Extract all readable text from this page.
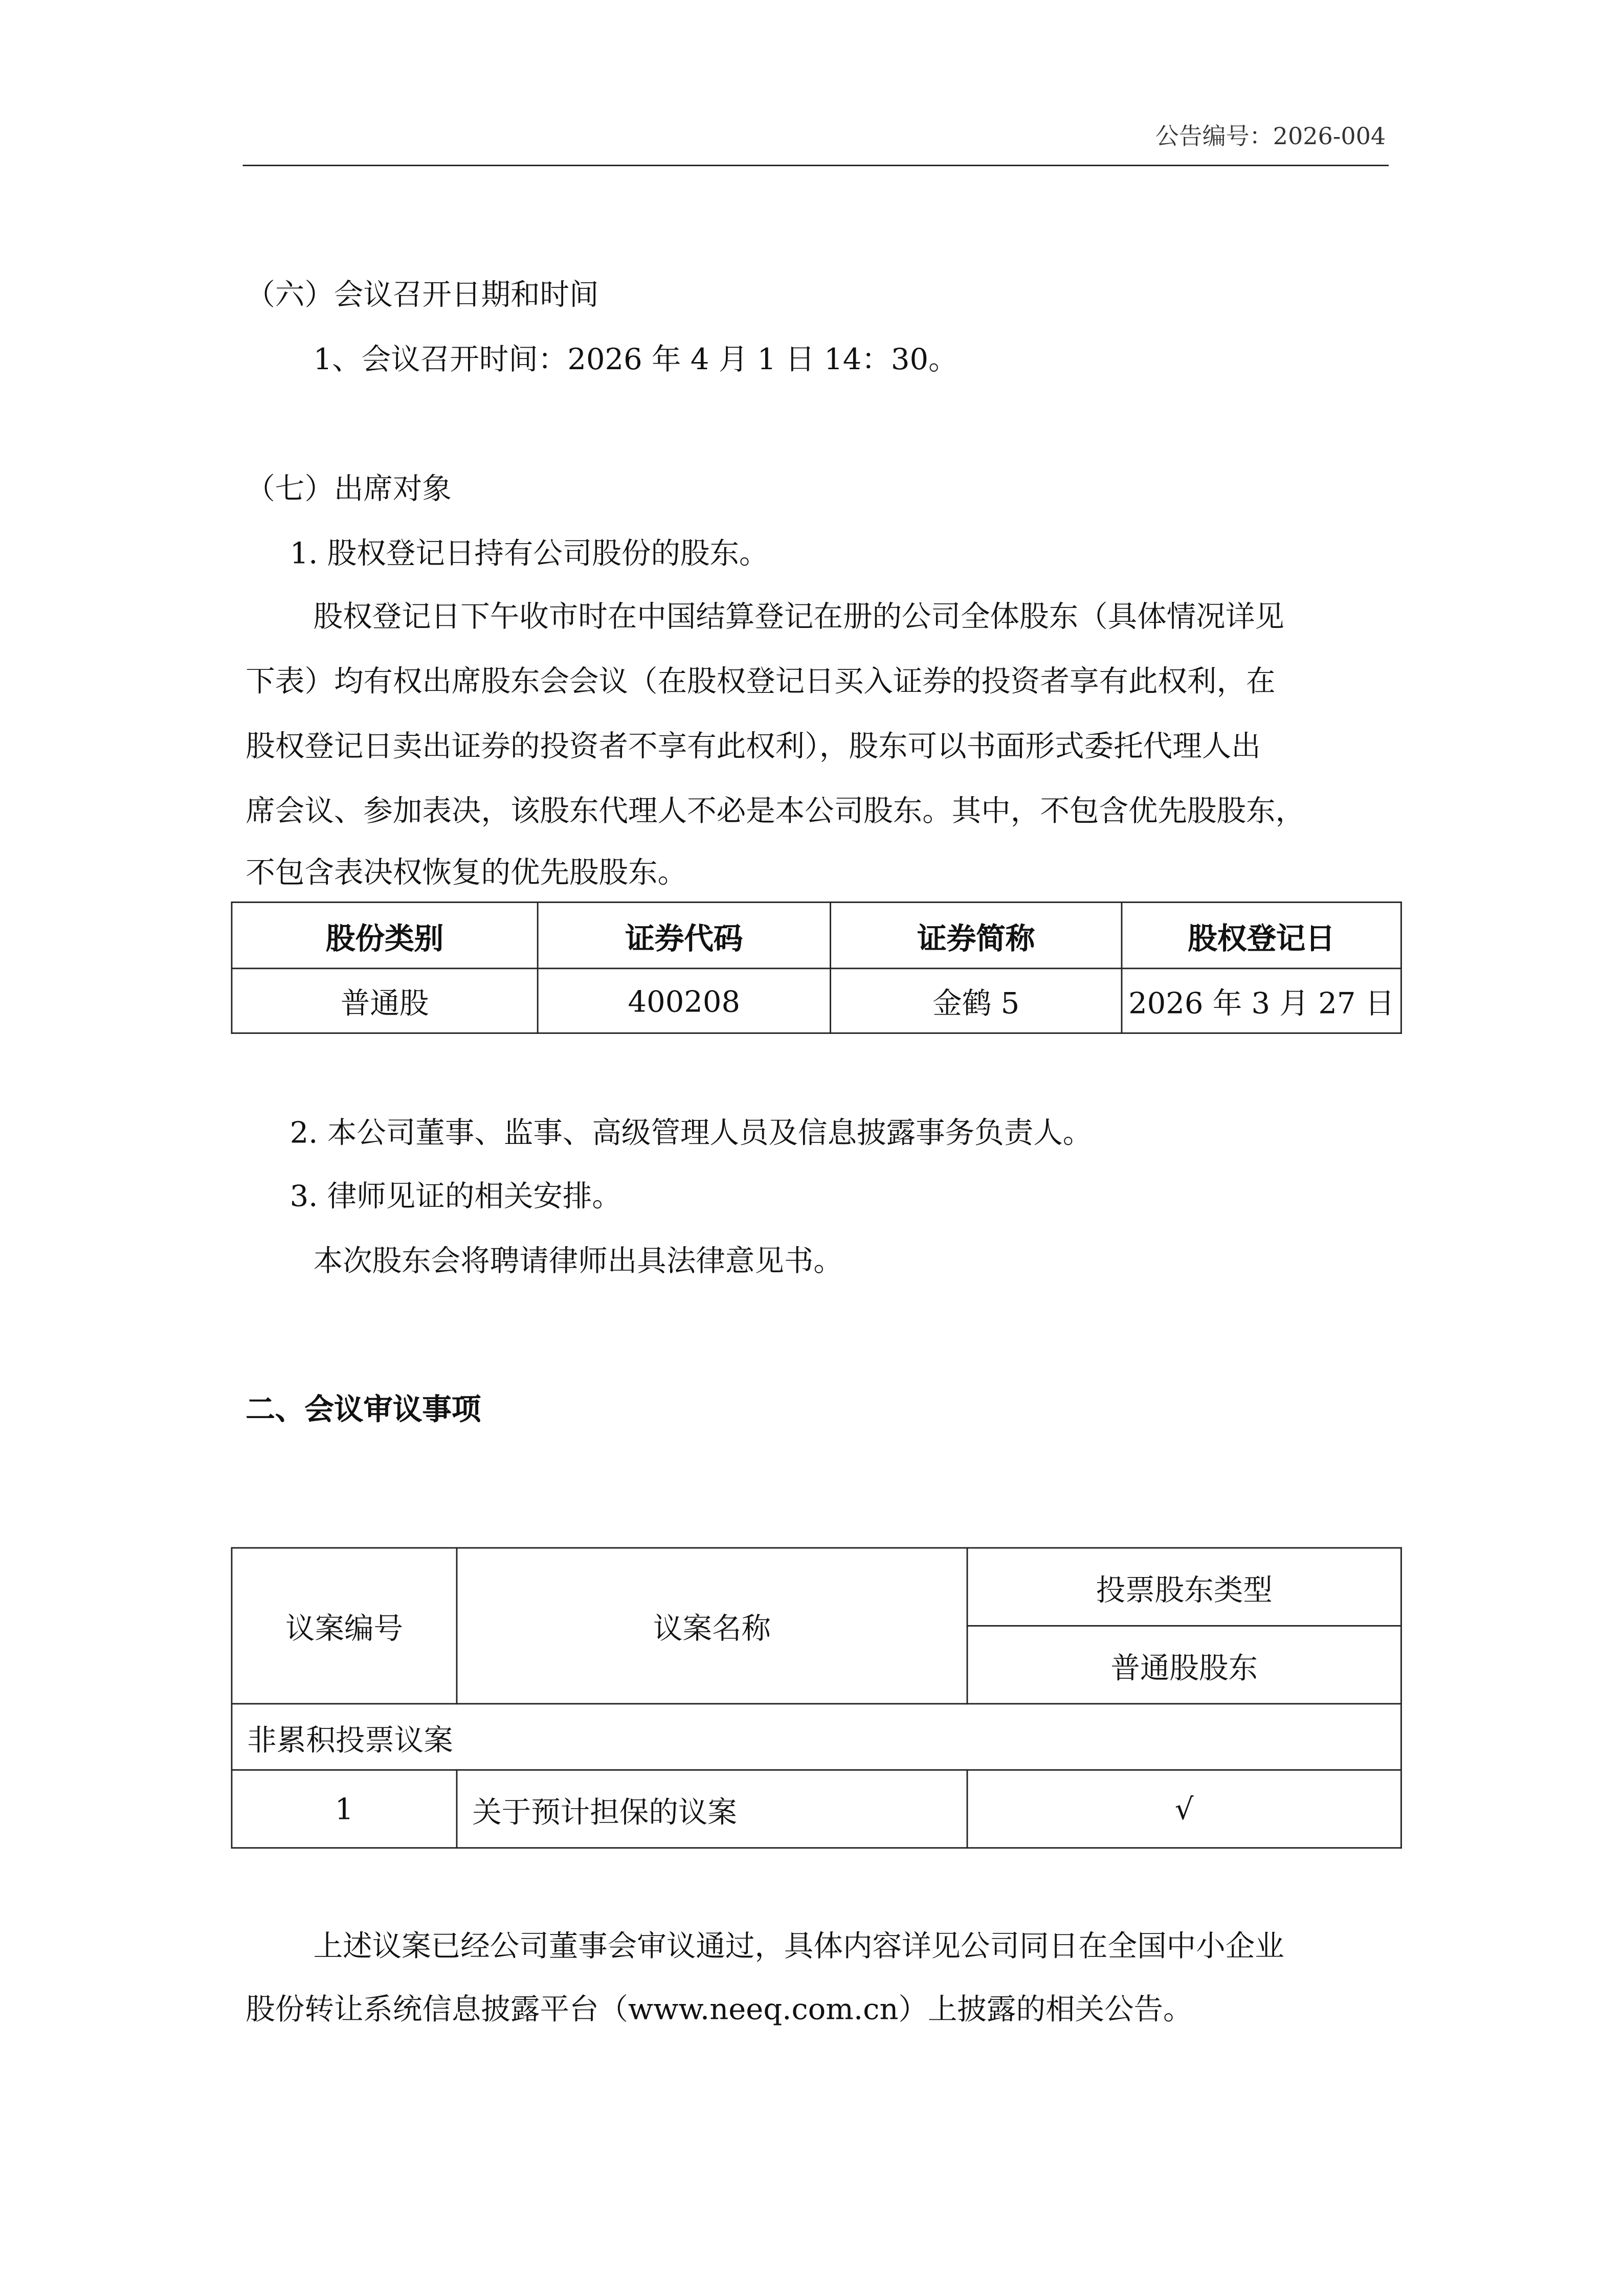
公告编号：2026-004
（六）会议召开日期和时间
1、会议召开时间：2026 年 4 月 1 日 14：30。
（七）出席对象
1. 股权登记日持有公司股份的股东。
股权登记日下午收市时在中国结算登记在册的公司全体股东（具体情况详见
下表）均有权出席股东会会议（在股权登记日买入证券的投资者享有此权利，在
股权登记日卖出证券的投资者不享有此权利），股东可以书面形式委托代理人出
席会议、参加表决，该股东代理人不必是本公司股东。其中，不包含优先股股东，
不包含表决权恢复的优先股股东。
股份类别	证券代码	证券简称	股权登记日
普通股	400208	金鹤 5	2026 年 3 月 27 日
2. 本公司董事、监事、高级管理人员及信息披露事务负责人。
3. 律师见证的相关安排。
本次股东会将聘请律师出具法律意见书。
二、会议审议事项
议案编号	议案名称	投票股东类型
		普通股股东
非累积投票议案		
1	关于预计担保的议案	√
上述议案已经公司董事会审议通过，具体内容详见公司同日在全国中小企业
股份转让系统信息披露平台（www.neeq.com.cn）上披露的相关公告。
